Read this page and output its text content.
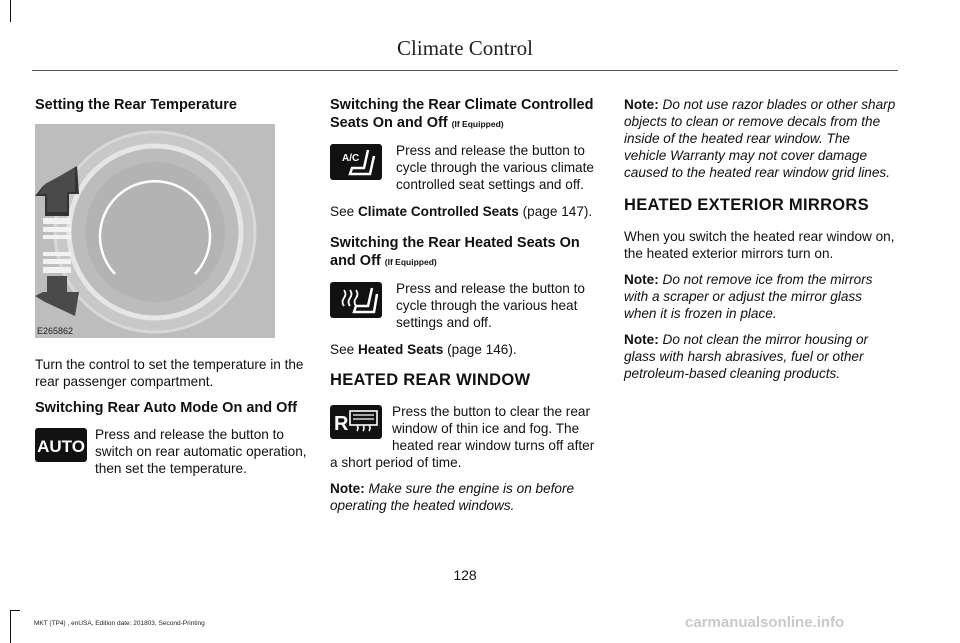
Climate Control
Setting the Rear Temperature
E265862

Turn the control to set the temperature in the rear passenger compartment.

Switching Rear Auto Mode On and Off
AUTO
Press and release the button to switch on rear automatic operation, then set the temperature.
Switching the Rear Climate Controlled Seats On and Off (If Equipped)
A/C
Press and release the button to cycle through the various climate controlled seat settings and off.

See Climate Controlled Seats (page 147).

Switching the Rear Heated Seats On and Off (If Equipped)
Press and release the button to cycle through the various heat settings and off.

See Heated Seats (page 146).

HEATED REAR WINDOW
R
Press the button to clear the rear window of thin ice and fog. The heated rear window turns off after a short period of time.

Note: Make sure the engine is on before operating the heated windows.

Note: Do not use razor blades or other sharp objects to clean or remove decals from the inside of the heated rear window. The vehicle Warranty may not cover damage caused to the heated rear window grid lines.

HEATED EXTERIOR MIRRORS

When you switch the heated rear window on, the heated exterior mirrors turn on.

Note: Do not remove ice from the mirrors with a scraper or adjust the mirror glass when it is frozen in place.

Note: Do not clean the mirror housing or glass with harsh abrasives, fuel or other petroleum-based cleaning products.

128
MKT (TP4) , enUSA, Edition date: 201803, Second-Printing	carmanualsonline.info
